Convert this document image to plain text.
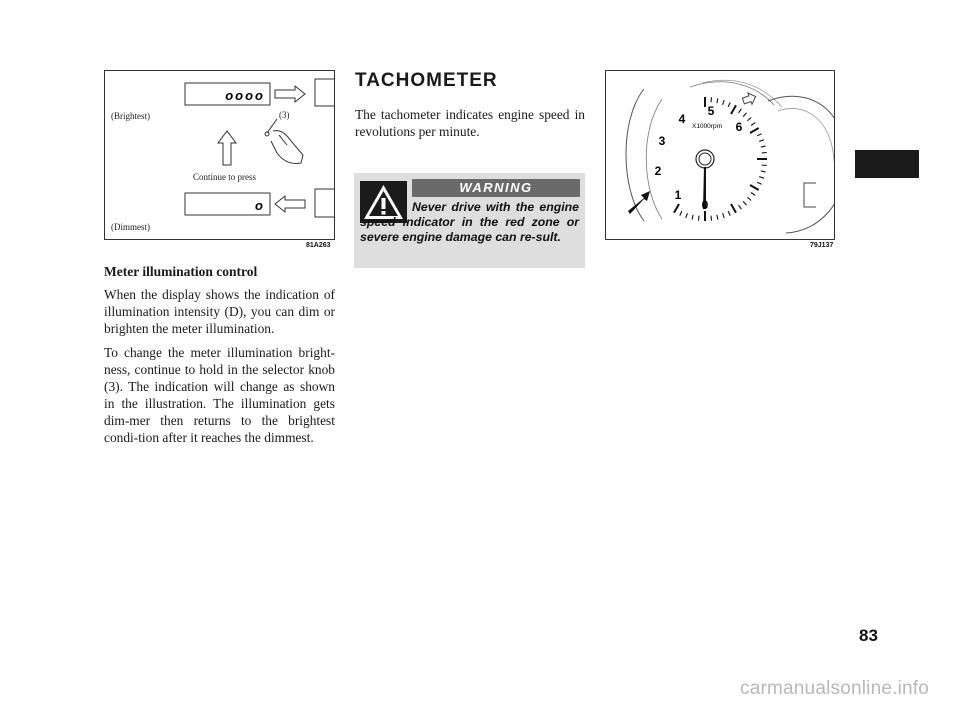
oooo
o
(Brightest)	(3)
Continue to press
(Dimmest)
81A263

Meter illumination control

When the display shows the indication of illumination intensity (D), you can dim or brighten the meter illumination.

To change the meter illumination bright-ness, continue to hold in the selector knob (3). The indication will change as shown in the illustration. The illumination gets dim-mer then returns to the brightest condi-tion after it reaches the dimmest.

TACHOMETER

The tachometer indicates engine speed in revolutions per minute.

WARNING
Never drive with the engine speed indicator in the red zone or severe engine damage can re-sult.
0
1
2
3
4
5
6
X1000rpm
79J137
83
carmanualsonline.info
